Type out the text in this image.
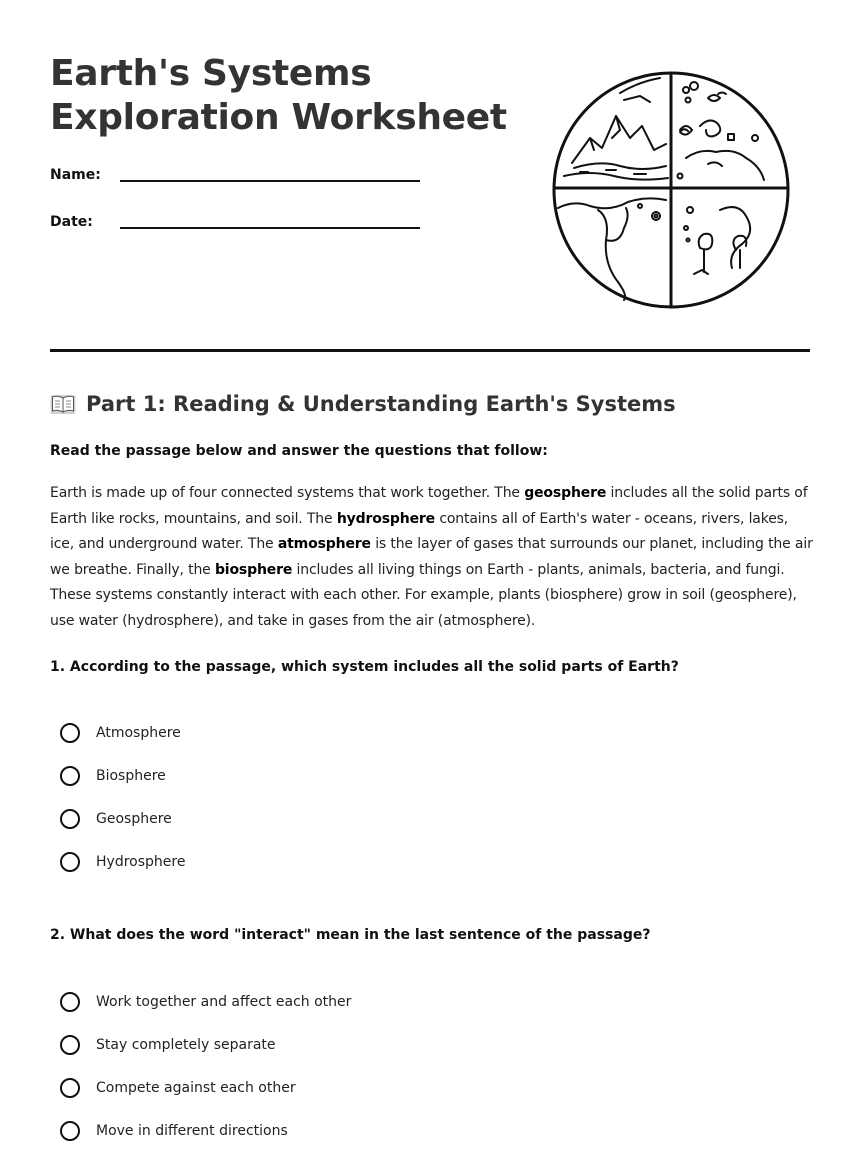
Earth's Systems
Exploration Worksheet
Name:
Date:
Part 1: Reading & Understanding Earth's Systems
Read the passage below and answer the questions that follow:

Earth is made up of four connected systems that work together. The geosphere includes all the solid parts of Earth like rocks, mountains, and soil. The hydrosphere contains all of Earth's water - oceans, rivers, lakes, ice, and underground water. The atmosphere is the layer of gases that surrounds our planet, including the air we breathe. Finally, the biosphere includes all living things on Earth - plants, animals, bacteria, and fungi. These systems constantly interact with each other. For example, plants (biosphere) grow in soil (geosphere), use water (hydrosphere), and take in gases from the air (atmosphere).

1. According to the passage, which system includes all the solid parts of Earth?
Atmosphere
Biosphere
Geosphere
Hydrosphere
2. What does the word "interact" mean in the last sentence of the passage?
Work together and affect each other
Stay completely separate
Compete against each other
Move in different directions
